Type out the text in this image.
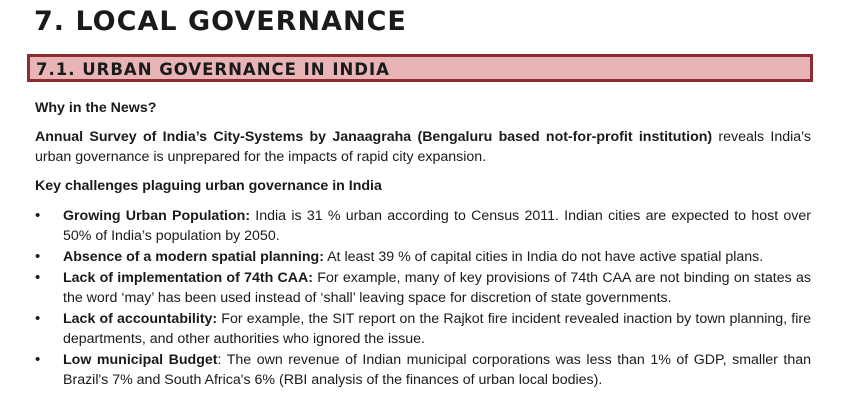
7. LOCAL GOVERNANCE
7.1. URBAN GOVERNANCE IN INDIA

Why in the News?

Annual Survey of India’s City-Systems by Janaagraha (Bengaluru based not-for-profit institution) reveals India's urban governance is unprepared for the impacts of rapid city expansion.

Key challenges plaguing urban governance in India

•	Growing Urban Population: India is 31 % urban according to Census 2011. Indian cities are expected to host over 50% of India’s population by 2050.
•	Absence of a modern spatial planning: At least 39 % of capital cities in India do not have active spatial plans.
•	Lack of implementation of 74th CAA: For example, many of key provisions of 74th CAA are not binding on states as the word ‘may’ has been used instead of ‘shall’ leaving space for discretion of state governments.
•	Lack of accountability: For example, the SIT report on the Rajkot fire incident revealed inaction by town planning, fire departments, and other authorities who ignored the issue.
•	Low municipal Budget: The own revenue of Indian municipal corporations was less than 1% of GDP, smaller than Brazil's 7% and South Africa's 6% (RBI analysis of the finances of urban local bodies).
